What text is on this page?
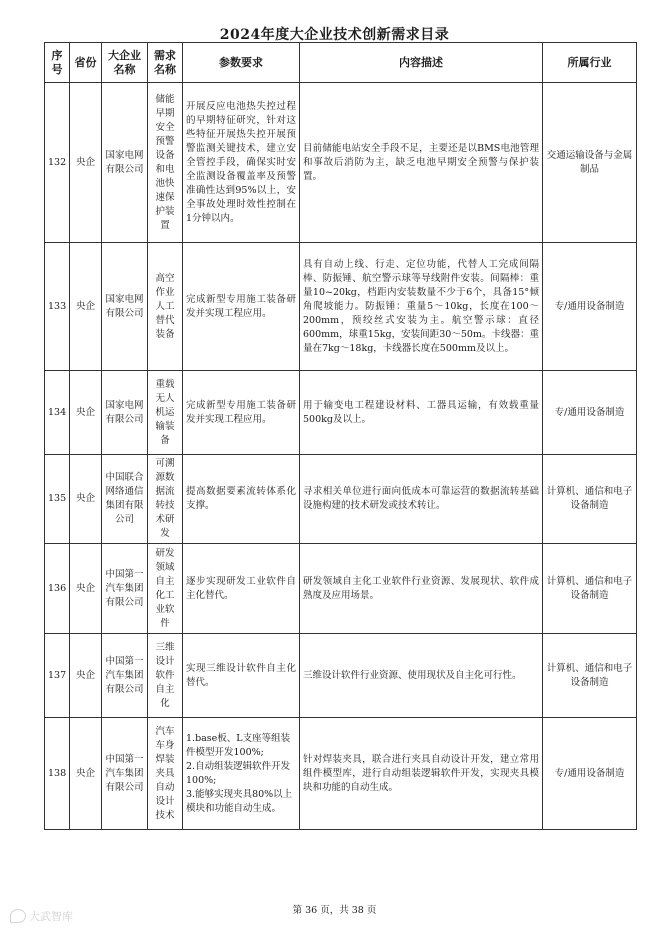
2024年度大企业技术创新需求目录
序号	省份	大企业名称	需求名称	参数要求	内容描述	所属行业
132	央企	国家电网有限公司	储能早期安全预警设备和电池快速保护装置	开展反应电池热失控过程的早期特征研究，针对这些特征开展热失控开展预警监测关键技术，建立安全管控手段，确保实时安全监测设备覆盖率及预警准确性达到95%以上，安全事故处理时效性控制在1分钟以内。	目前储能电站安全手段不足，主要还是以BMS电池管理和事故后消防为主，缺乏电池早期安全预警与保护装置。	交通运输设备与金属制品
133	央企	国家电网有限公司	高空作业人工替代装备	完成新型专用施工装备研发并实现工程应用。	具有自动上线、行走、定位功能，代替人工完成间隔棒、防振锤、航空警示球等导线附件安装。间隔棒：重量10~20kg，档距内安装数量不少于6个，具备15°倾角爬坡能力。防振锤：重量5～10kg，长度在100～200mm，预绞丝式安装为主。航空警示球：直径600mm，球重15kg，安装间距30～50m。卡线器：重量在7kg～18kg，卡线器长度在500mm及以上。	专/通用设备制造
134	央企	国家电网有限公司	重载无人机运输装备	完成新型专用施工装备研发并实现工程应用。	用于输变电工程建设材料、工器具运输，有效载重量500kg及以上。	专/通用设备制造
135	央企	中国联合网络通信集团有限公司	可溯源数据流转技术研发	提高数据要素流转体系化支撑。	寻求相关单位进行面向低成本可靠运营的数据流转基础设施构建的技术研发或技术转让。	计算机、通信和电子设备制造
136	央企	中国第一汽车集团有限公司	研发领域自主化工业软件	逐步实现研发工业软件自主化替代。	研发领域自主化工业软件行业资源、发展现状、软件成熟度及应用场景。	计算机、通信和电子设备制造
137	央企	中国第一汽车集团有限公司	三维设计软件自主化	实现三维设计软件自主化替代。	三维设计软件行业资源、使用现状及自主化可行性。	计算机、通信和电子设备制造
138	央企	中国第一汽车集团有限公司	汽车车身焊装夹具自动设计技术	1.base板、L支座等组装件模型开发100%;
2.自动组装逻辑软件开发100%;
3.能够实现夹具80%以上模块和功能自动生成。	针对焊装夹具，联合进行夹具自动设计开发，建立常用组件模型库，进行自动组装逻辑软件开发，实现夹具模块和功能的自动生成。	专/通用设备制造
第 36 页，共 38 页
大武智库
